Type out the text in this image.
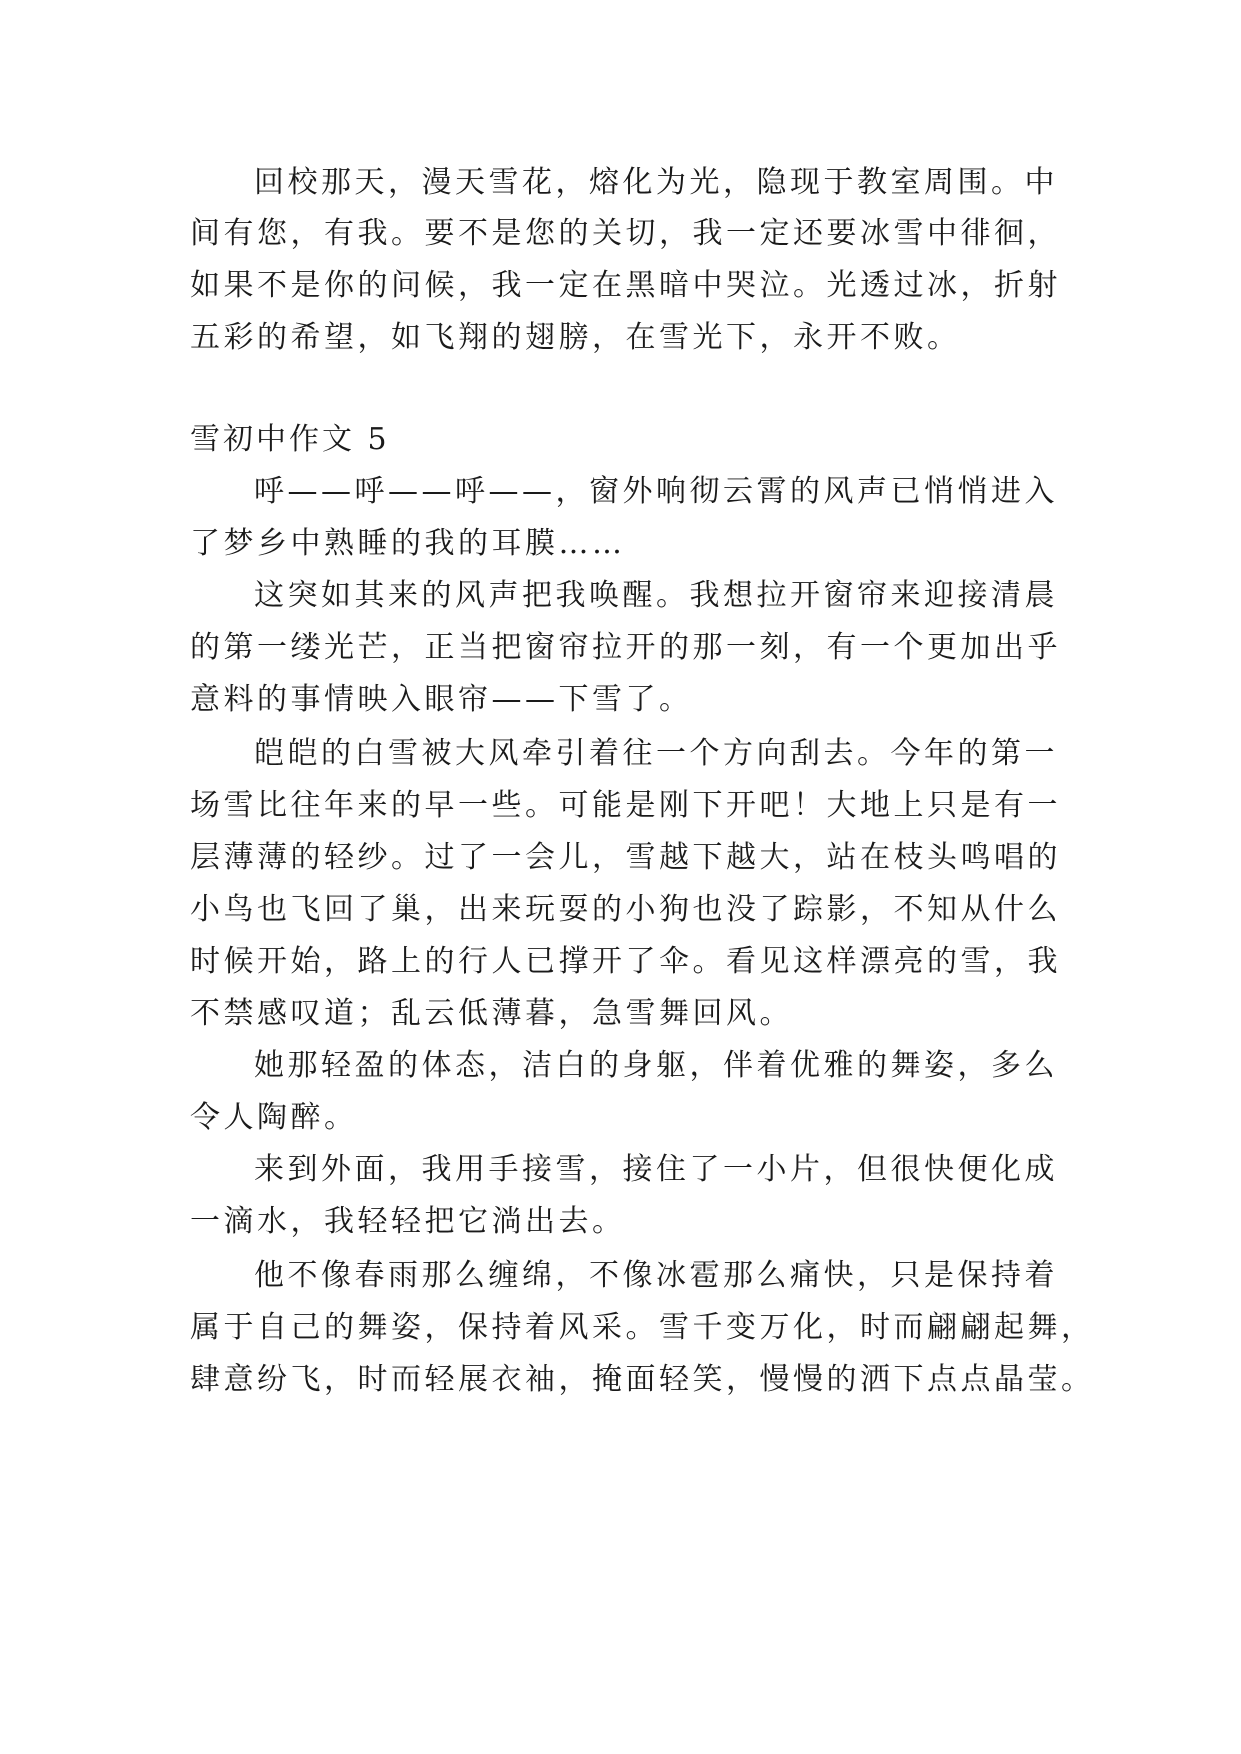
回校那天，漫天雪花，熔化为光，隐现于教室周围。中
间有您，有我。要不是您的关切，我一定还要冰雪中徘徊，
如果不是你的问候，我一定在黑暗中哭泣。光透过冰，折射
五彩的希望，如飞翔的翅膀，在雪光下，永开不败。
雪初中作文 5
呼——呼——呼——，窗外响彻云霄的风声已悄悄进入
了梦乡中熟睡的我的耳膜……
这突如其来的风声把我唤醒。我想拉开窗帘来迎接清晨
的第一缕光芒，正当把窗帘拉开的那一刻，有一个更加出乎
意料的事情映入眼帘——下雪了。
皑皑的白雪被大风牵引着往一个方向刮去。今年的第一
场雪比往年来的早一些。可能是刚下开吧！大地上只是有一
层薄薄的轻纱。过了一会儿，雪越下越大，站在枝头鸣唱的
小鸟也飞回了巢，出来玩耍的小狗也没了踪影，不知从什么
时候开始，路上的行人已撑开了伞。看见这样漂亮的雪，我
不禁感叹道；乱云低薄暮，急雪舞回风。
她那轻盈的体态，洁白的身躯，伴着优雅的舞姿，多么
令人陶醉。
来到外面，我用手接雪，接住了一小片，但很快便化成
一滴水，我轻轻把它淌出去。
他不像春雨那么缠绵，不像冰雹那么痛快，只是保持着
属于自己的舞姿，保持着风采。雪千变万化，时而翩翩起舞，
肆意纷飞，时而轻展衣袖，掩面轻笑，慢慢的洒下点点晶莹。
